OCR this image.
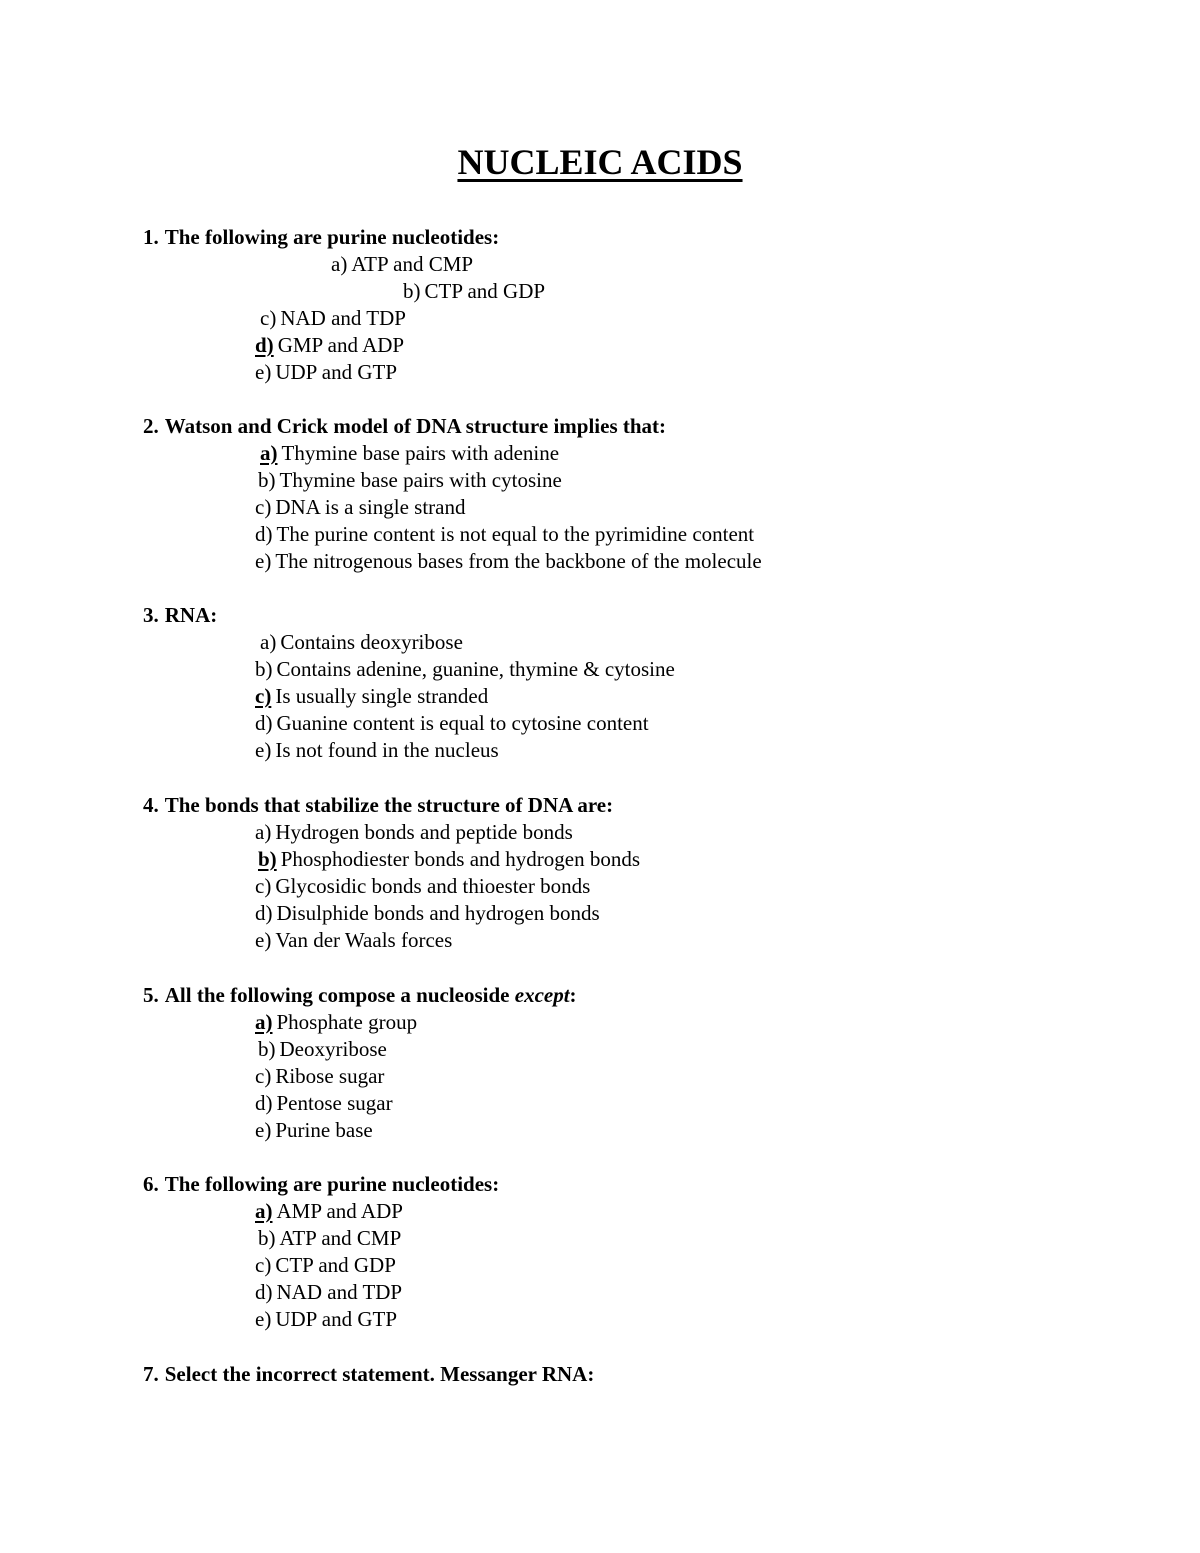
NUCLEIC ACIDS
1. The following are purine nucleotides:
a) ATP and CMP
b) CTP and GDP
c) NAD and TDP
d) GMP and ADP
e) UDP and GTP
2. Watson and Crick model of DNA structure implies that:
a) Thymine base pairs with adenine
b) Thymine base pairs with cytosine
c) DNA is a single strand
d) The purine content is not equal to the pyrimidine content
e) The nitrogenous bases from the backbone of the molecule
3. RNA:
a) Contains deoxyribose
b) Contains adenine, guanine, thymine & cytosine
c) Is usually single stranded
d) Guanine content is equal to cytosine content
e) Is not found in the nucleus
4. The bonds that stabilize the structure of DNA are:
a) Hydrogen bonds and peptide bonds
b) Phosphodiester bonds and hydrogen bonds
c) Glycosidic bonds and thioester bonds
d) Disulphide bonds and hydrogen bonds
e) Van der Waals forces
5. All the following compose a nucleoside except:
a) Phosphate group
b) Deoxyribose
c) Ribose sugar
d) Pentose sugar
e) Purine base
6. The following are purine nucleotides:
a) AMP and ADP
b) ATP and CMP
c) CTP and GDP
d) NAD and TDP
e) UDP and GTP
7. Select the incorrect statement. Messanger RNA:
